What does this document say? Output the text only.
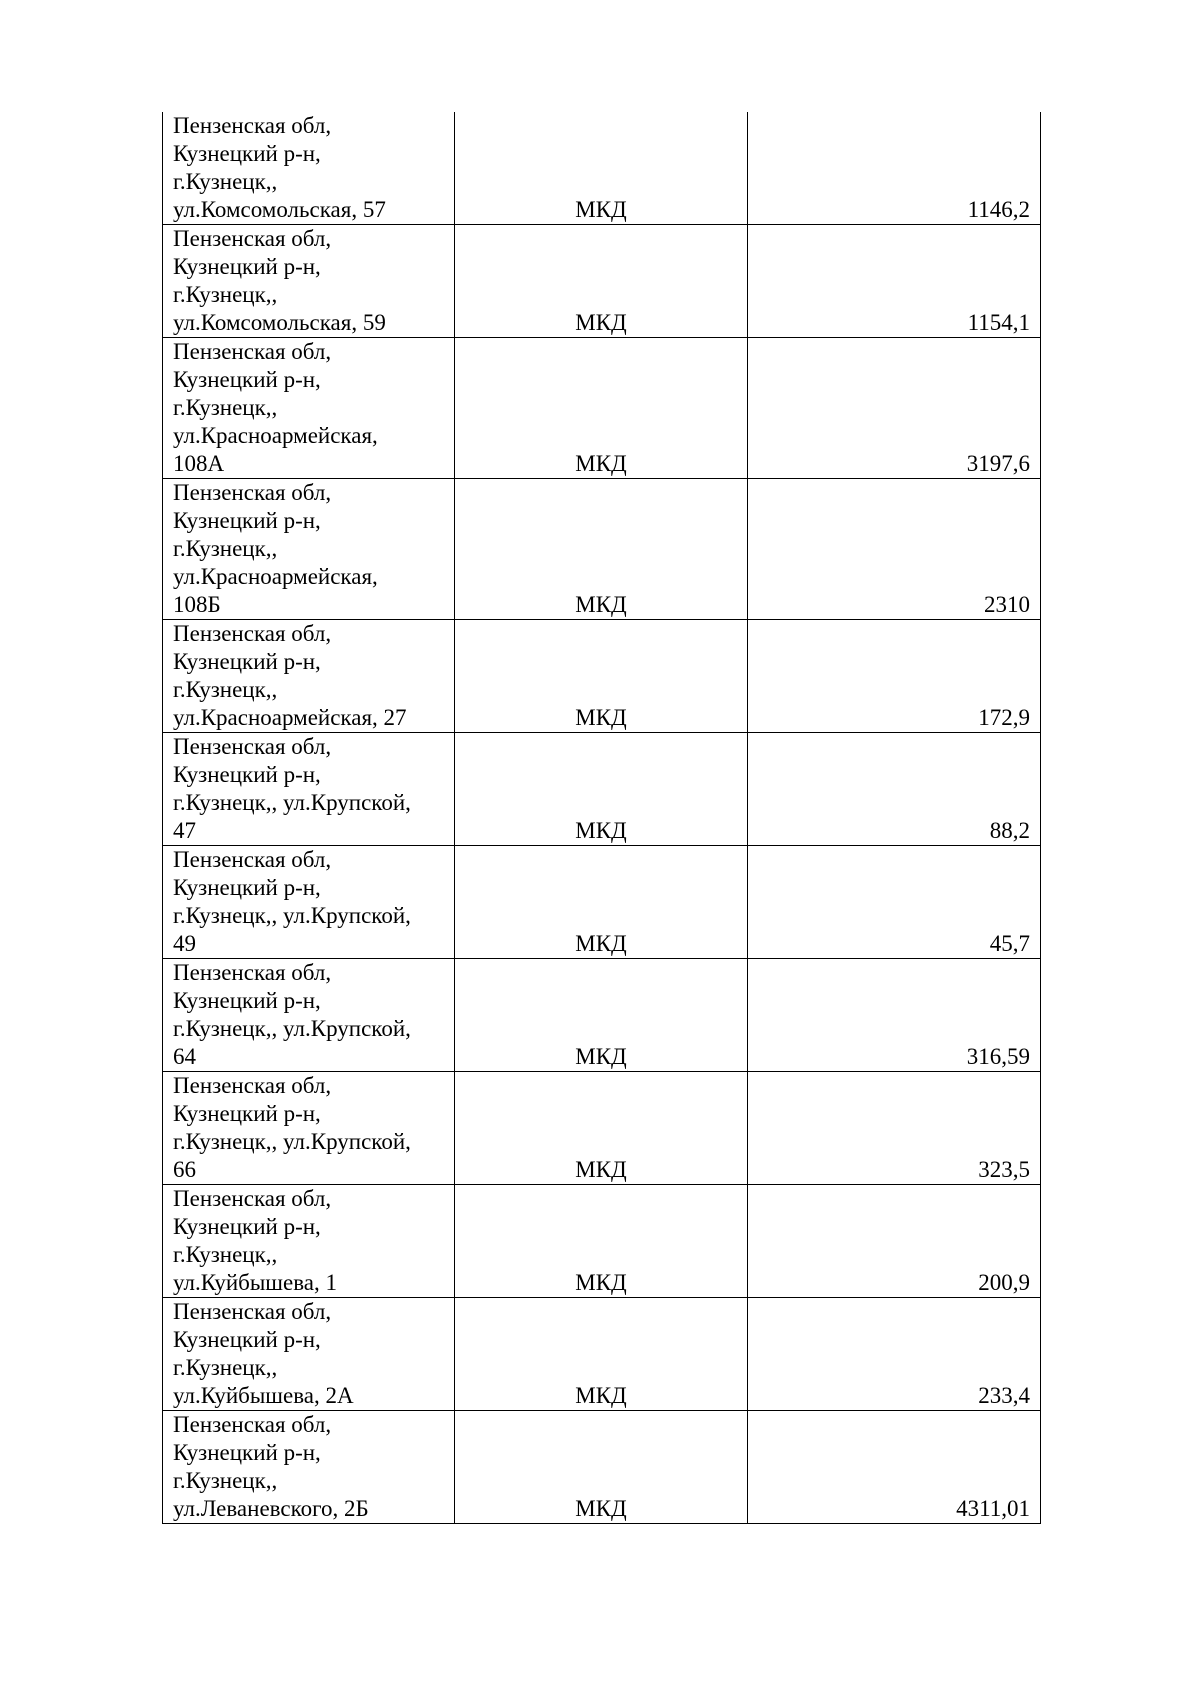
Пензенская обл,
Кузнецкий р-н,
г.Кузнецк,,
ул.Комсомольская, 57	МКД	1146,2

Пензенская обл,
Кузнецкий р-н,
г.Кузнецк,,
ул.Комсомольская, 59	МКД	1154,1

Пензенская обл,
Кузнецкий р-н,
г.Кузнецк,,
ул.Красноармейская,
108А	МКД	3197,6

Пензенская обл,
Кузнецкий р-н,
г.Кузнецк,,
ул.Красноармейская,
108Б	МКД	2310

Пензенская обл,
Кузнецкий р-н,
г.Кузнецк,,
ул.Красноармейская, 27	МКД	172,9

Пензенская обл,
Кузнецкий р-н,
г.Кузнецк,, ул.Крупской,
47	МКД	88,2

Пензенская обл,
Кузнецкий р-н,
г.Кузнецк,, ул.Крупской,
49	МКД	45,7

Пензенская обл,
Кузнецкий р-н,
г.Кузнецк,, ул.Крупской,
64	МКД	316,59

Пензенская обл,
Кузнецкий р-н,
г.Кузнецк,, ул.Крупской,
66	МКД	323,5

Пензенская обл,
Кузнецкий р-н,
г.Кузнецк,,
ул.Куйбышева, 1	МКД	200,9

Пензенская обл,
Кузнецкий р-н,
г.Кузнецк,,
ул.Куйбышева, 2А	МКД	233,4

Пензенская обл,
Кузнецкий р-н,
г.Кузнецк,,
ул.Леваневского, 2Б	МКД	4311,01
